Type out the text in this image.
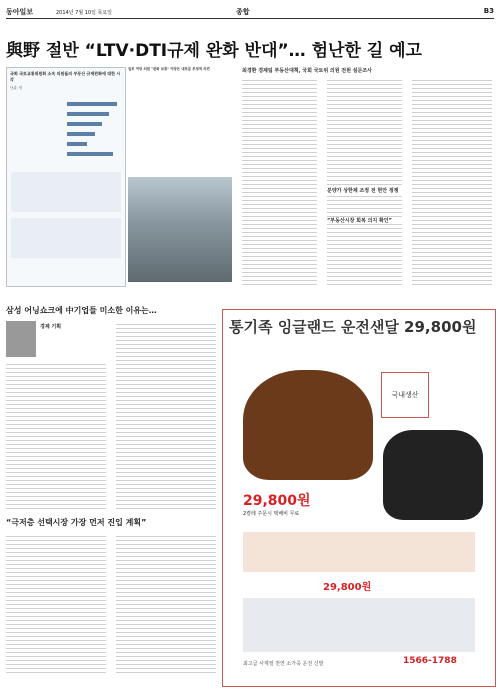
동아일보	2014년 7월 10일 목요일	종합	B3
與野 절반 “LTV·DTI규제 완화 반대”… 험난한 길 예고
국회 국토교통위원회 소속 의원들의 부동산 규제완화에 대한 시각
단위: 명
일부 여당 의원 "완화 보류" 야당은 대부분 부정적 의견	최경환 경제팀 부동산대책, 국회 국토위 의원 전원 설문조사
분양가 상한제 조정 전 현안 정쟁
“부동산시장 회복 의지 확인”
삼성 어닝쇼크에 中기업들 미소한 이유는…
경제 기획
“극저층 선택시장 가장 먼저 진입 계획”
통기족 잉글랜드 운전샌달 29,800원
국내생산
29,800원
2켤레 주문시 택배비 무료
29,800원
최고급 사계절 천연 소가죽 운전 신발	1566-1788
